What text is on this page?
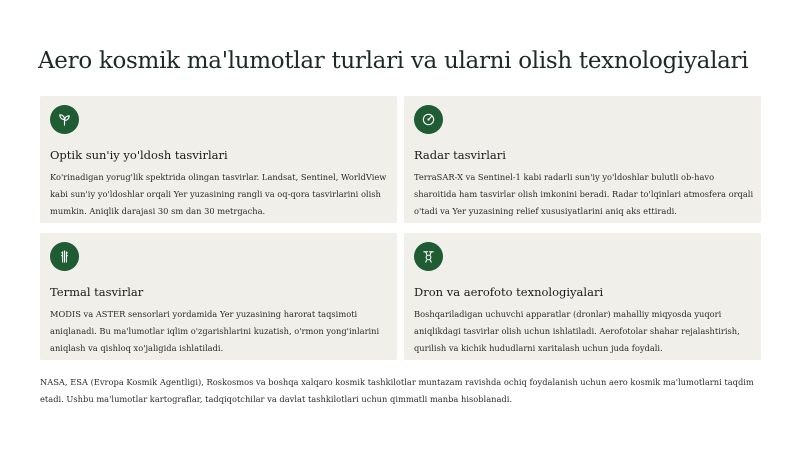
Aero kosmik ma'lumotlar turlari va ularni olish texnologiyalari
Optik sun'iy yo'ldosh tasvirlari

Ko'rinadigan yorug'lik spektrida olingan tasvirlar. Landsat, Sentinel, WorldView kabi sun'iy yo'ldoshlar orqali Yer yuzasining rangli va oq-qora tasvirlarini olish mumkin. Aniqlik darajasi 30 sm dan 30 metrgacha.

Radar tasvirlari

TerraSAR-X va Sentinel-1 kabi radarli sun'iy yo'ldoshlar bulutli ob-havo sharoitida ham tasvirlar olish imkonini beradi. Radar to'lqinlari atmosfera orqali o'tadi va Yer yuzasining relief xususiyatlarini aniq aks ettiradi.

Termal tasvirlar

MODIS va ASTER sensorlari yordamida Yer yuzasining harorat taqsimoti aniqlanadi. Bu ma'lumotlar iqlim o'zgarishlarini kuzatish, o'rmon yong'inlarini aniqlash va qishloq xo'jaligida ishlatiladi.

Dron va aerofoto texnologiyalari

Boshqariladigan uchuvchi apparatlar (dronlar) mahalliy miqyosda yuqori aniqlikdagi tasvirlar olish uchun ishlatiladi. Aerofotolar shahar rejalashtirish, qurilish va kichik hududlarni xaritalash uchun juda foydali.

NASA, ESA (Evropa Kosmik Agentligi), Roskosmos va boshqa xalqaro kosmik tashkilotlar muntazam ravishda ochiq foydalanish uchun aero kosmik ma'lumotlarni taqdim etadi. Ushbu ma'lumotlar kartograflar, tadqiqotchilar va davlat tashkilotlari uchun qimmatli manba hisoblanadi.
